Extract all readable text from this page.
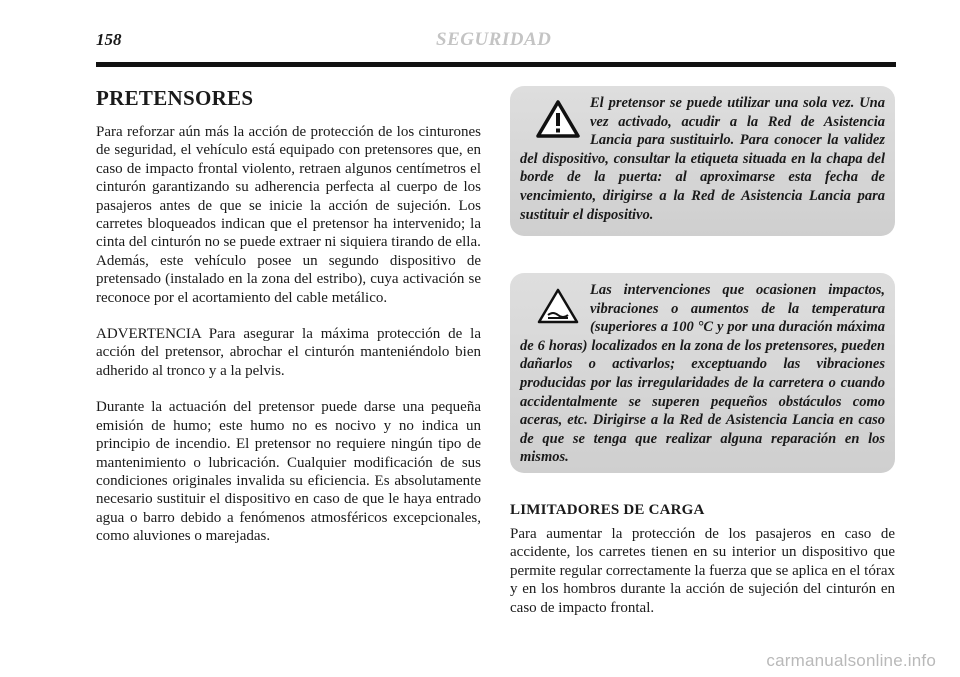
158	SEGURIDAD
PRETENSORES

Para reforzar aún más la acción de protección de los cinturones de seguridad, el vehículo está equipado con pretensores que, en caso de impacto frontal violento, retraen algunos centímetros el cinturón garantizando su adherencia perfecta al cuerpo de los pasajeros antes de que se inicie la acción de sujeción. Los carretes bloqueados indican que el pretensor ha intervenido; la cinta del cinturón no se puede extraer ni siquiera tirando de ella.

Además, este vehículo posee un segundo dispositivo de pretensado (instalado en la zona del estribo), cuya activación se reconoce por el acortamiento del cable metálico.

ADVERTENCIA Para asegurar la máxima protección de la acción del pretensor, abrochar el cinturón manteniéndolo bien adherido al tronco y a la pelvis.

Durante la actuación del pretensor puede darse una pequeña emisión de humo; este humo no es nocivo y no indica un principio de incendio. El pretensor no requiere ningún tipo de mantenimiento o lubricación. Cualquier modificación de sus condiciones originales invalida su eficiencia. Es absolutamente necesario sustituir el dispositivo en caso de que le haya entrado agua o barro debido a fenómenos atmosféricos excepcionales, como aluviones o marejadas.

El pretensor se puede utilizar una sola vez. Una vez activado, acudir a la Red de Asistencia Lancia para sustituirlo. Para conocer la validez del dispositivo, consultar la etiqueta situada en la chapa del borde de la puerta: al aproximarse esta fecha de vencimiento, dirigirse a la Red de Asistencia Lancia para sustituir el dispositivo.

Las intervenciones que ocasionen impactos, vibraciones o aumentos de la temperatura (superiores a 100 °C y por una duración máxima de 6 horas) localizados en la zona de los pretensores, pueden dañarlos o activarlos; exceptuando las vibraciones producidas por las irregularidades de la carretera o cuando accidentalmente se superen pequeños obstáculos como aceras, etc. Dirigirse a la Red de Asistencia Lancia en caso de que se tenga que realizar alguna reparación en los mismos.

LIMITADORES DE CARGA

Para aumentar la protección de los pasajeros en caso de accidente, los carretes tienen en su interior un dispositivo que permite regular correctamente la fuerza que se aplica en el tórax y en los hombros durante la acción de sujeción del cinturón en caso de impacto frontal.

carmanualsonline.info
